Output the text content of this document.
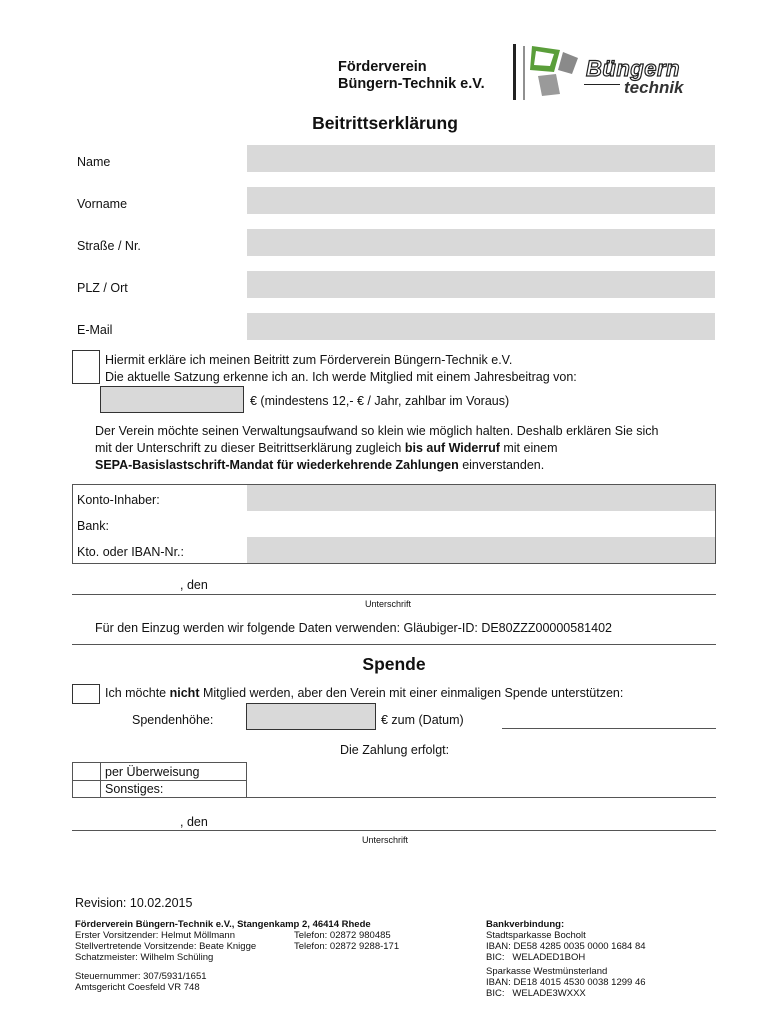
Förderverein
Büngern-Technik e.V.
Büngern
technik
Beitrittserklärung
Name
Vorname
Straße / Nr.
PLZ / Ort
E-Mail
Hiermit erkläre ich meinen Beitritt zum Förderverein Büngern-Technik e.V.
Die aktuelle Satzung erkenne ich an. Ich werde Mitglied mit einem Jahresbeitrag von:
€ (mindestens 12,- € / Jahr, zahlbar im Voraus)
Der Verein möchte seinen Verwaltungsaufwand so klein wie möglich halten. Deshalb erklären Sie sich
mit der Unterschrift zu dieser Beitrittserklärung zugleich bis auf Widerruf mit einem
SEPA-Basislastschrift-Mandat für wiederkehrende Zahlungen einverstanden.
Konto-Inhaber:
Bank:
Kto. oder IBAN-Nr.:
, den
Unterschrift
Für den Einzug werden wir folgende Daten verwenden: Gläubiger-ID: DE80ZZZ00000581402
Spende
Ich möchte nicht Mitglied werden, aber den Verein mit einer einmaligen Spende unterstützen:
Spendenhöhe:	€ zum (Datum)
Die Zahlung erfolgt:
per Überweisung
Sonstiges:
, den
Unterschrift
Revision: 10.02.2015
Förderverein Büngern-Technik e.V., Stangenkamp 2, 46414 Rhede
Erster Vorsitzender: Helmut Möllmann	Telefon: 02872 980485
Stellvertretende Vorsitzende: Beate Knigge	Telefon: 02872 9288-171
Schatzmeister: Wilhelm Schüling
Steuernummer: 307/5931/1651
Amtsgericht Coesfeld VR 748
Bankverbindung:
Stadtsparkasse Bocholt
IBAN: DE58 4285 0035 0000 1684 84
BIC:   WELADED1BOH
Sparkasse Westmünsterland
IBAN: DE18 4015 4530 0038 1299 46
BIC:   WELADE3WXXX
